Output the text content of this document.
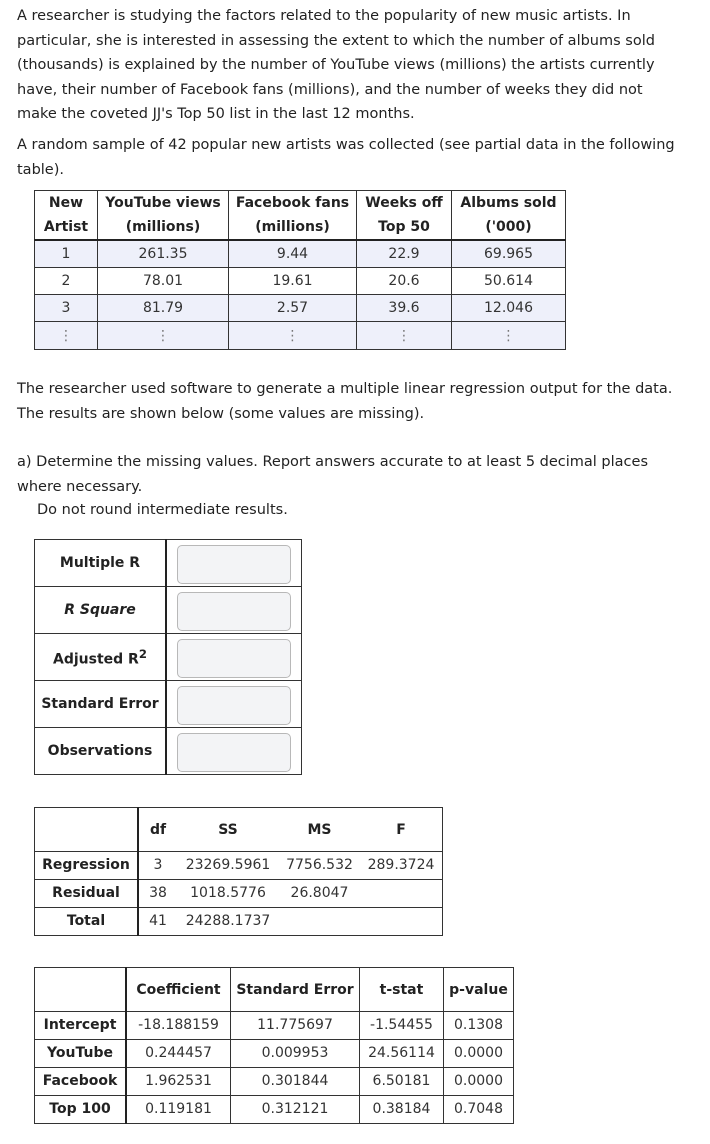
A researcher is studying the factors related to the popularity of new music artists. In particular, she is interested in assessing the extent to which the number of albums sold (thousands) is explained by the number of YouTube views (millions) the artists currently have, their number of Facebook fans (millions), and the number of weeks they did not make the coveted JJ's Top 50 list in the last 12 months.

A random sample of 42 popular new artists was collected (see partial data in the following table).

New	YouTube views	Facebook fans	Weeks off	Albums sold
Artist	(millions)	(millions)	Top 50	('000)
1	261.35	9.44	22.9	69.965
2	78.01	19.61	20.6	50.614
3	81.79	2.57	39.6	12.046
⋮	⋮	⋮	⋮	⋮

The researcher used software to generate a multiple linear regression output for the data. The results are shown below (some values are missing).

a) Determine the missing values. Report answers accurate to at least 5 decimal places where necessary.

Do not round intermediate results.

Multiple R	
R Square	
Adjusted $R^2$	
Standard Error	
Observations	
	df	SS	MS	F
Regression	3	23269.5961	7756.532	289.3724
Residual	38	1018.5776	26.8047	
Total	41	24288.1737		
	Coefficient	Standard Error	t-stat	p-value
Intercept	-18.188159	11.775697	-1.54455	0.1308
YouTube	0.244457	0.009953	24.56114	0.0000
Facebook	1.962531	0.301844	6.50181	0.0000
Top 100	0.119181	0.312121	0.38184	0.7048
